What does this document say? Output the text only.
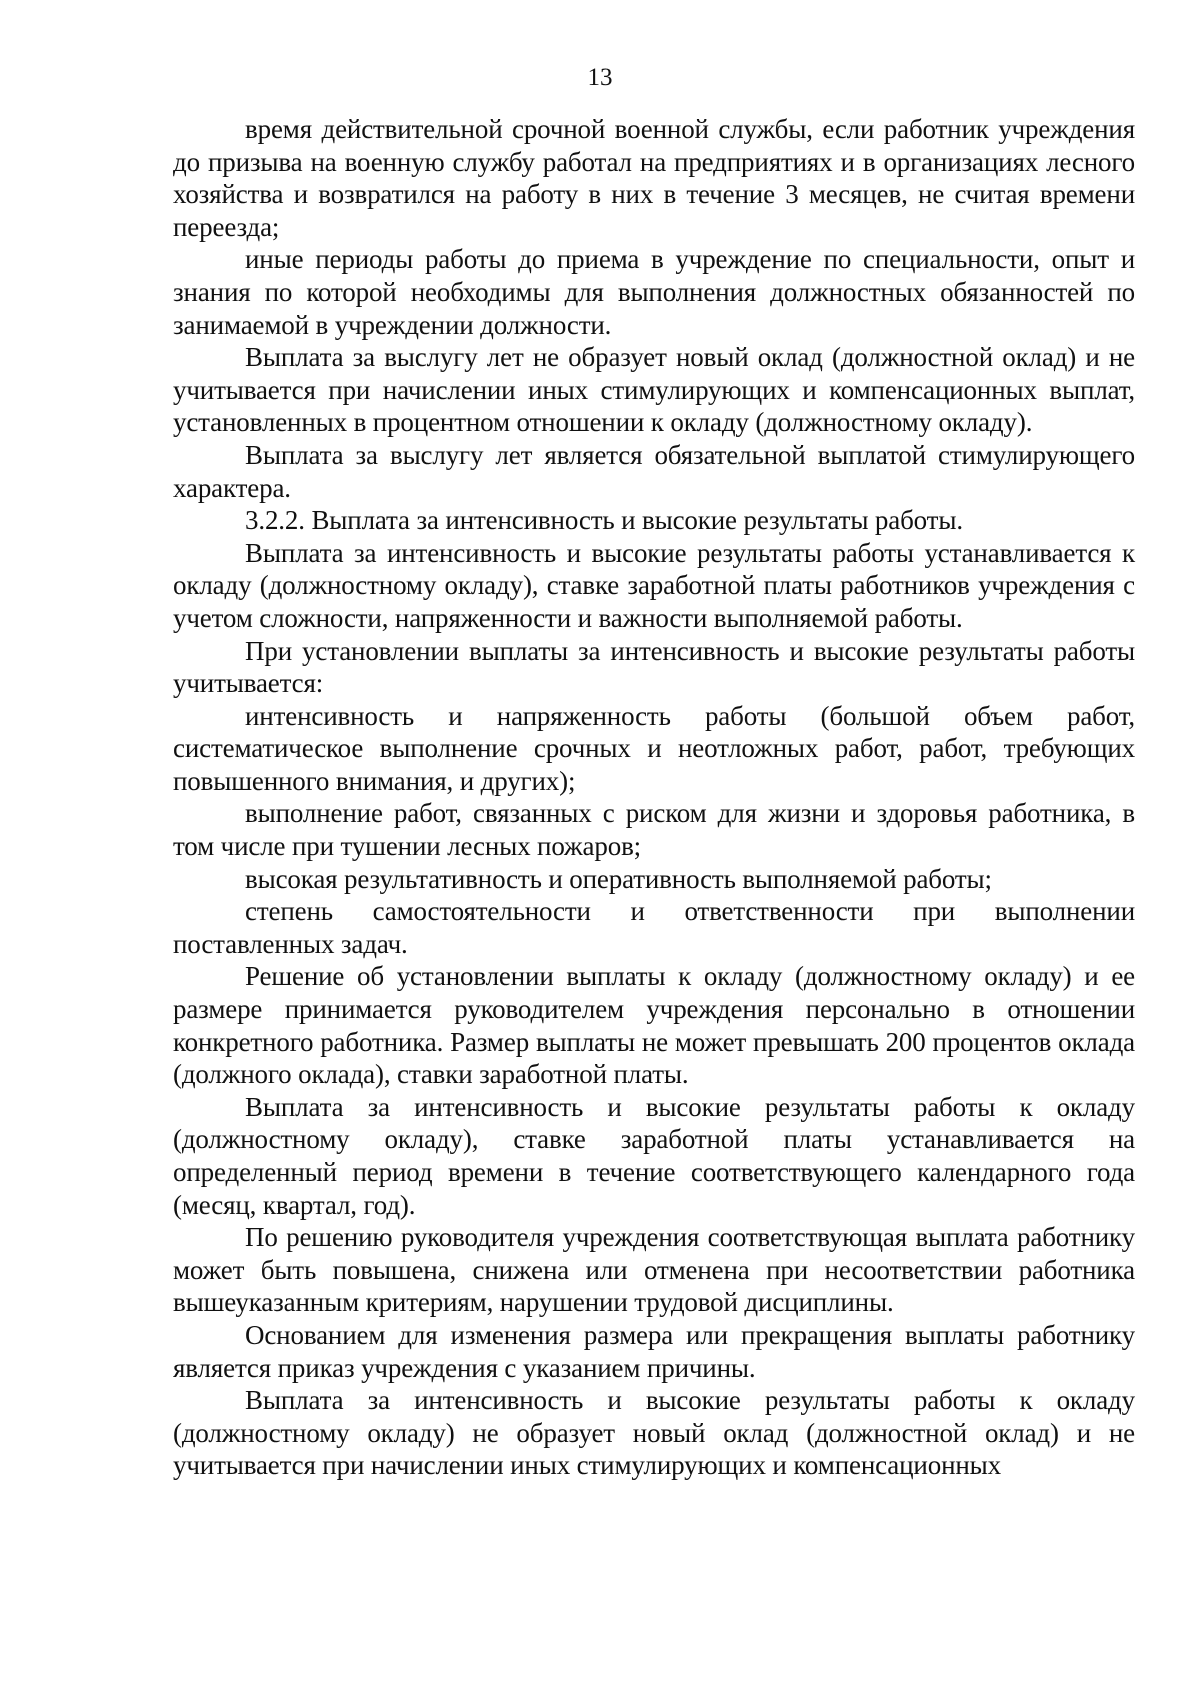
13

время действительной срочной военной службы, если работник учреждения до призыва на военную службу работал на предприятиях и в организациях лесного хозяйства и возвратился на работу в них в течение 3 месяцев, не считая времени переезда;

иные периоды работы до приема в учреждение по специальности, опыт и знания по которой необходимы для выполнения должностных обязанностей по занимаемой в учреждении должности.

Выплата за выслугу лет не образует новый оклад (должностной оклад) и не учитывается при начислении иных стимулирующих и компенсационных выплат, установленных в процентном отношении к окладу (должностному окладу).

Выплата за выслугу лет является обязательной выплатой стимулирующего характера.

3.2.2. Выплата за интенсивность и высокие результаты работы.

Выплата за интенсивность и высокие результаты работы устанавливается к окладу (должностному окладу), ставке заработной платы работников учреждения с учетом сложности, напряженности и важности выполняемой работы.

При установлении выплаты за интенсивность и высокие результаты работы учитывается:

интенсивность и напряженность работы (большой объем работ, систематическое выполнение срочных и неотложных работ, работ, требующих повышенного внимания, и других);

выполнение работ, связанных с риском для жизни и здоровья работника, в том числе при тушении лесных пожаров;

высокая результативность и оперативность выполняемой работы;

степень самостоятельности и ответственности при выполнении поставленных задач.

Решение об установлении выплаты к окладу (должностному окладу) и ее размере принимается руководителем учреждения персонально в отношении конкретного работника. Размер выплаты не может превышать 200 процентов оклада (должного оклада), ставки заработной платы.

Выплата за интенсивность и высокие результаты работы к окладу (должностному окладу), ставке заработной платы устанавливается на определенный период времени в течение соответствующего календарного года (месяц, квартал, год).

По решению руководителя учреждения соответствующая выплата работнику может быть повышена, снижена или отменена при несоответствии работника вышеуказанным критериям, нарушении трудовой дисциплины.

Основанием для изменения размера или прекращения выплаты работнику является приказ учреждения с указанием причины.

Выплата за интенсивность и высокие результаты работы к окладу (должностному окладу) не образует новый оклад (должностной оклад) и не учитывается при начислении иных стимулирующих и компенсационных
